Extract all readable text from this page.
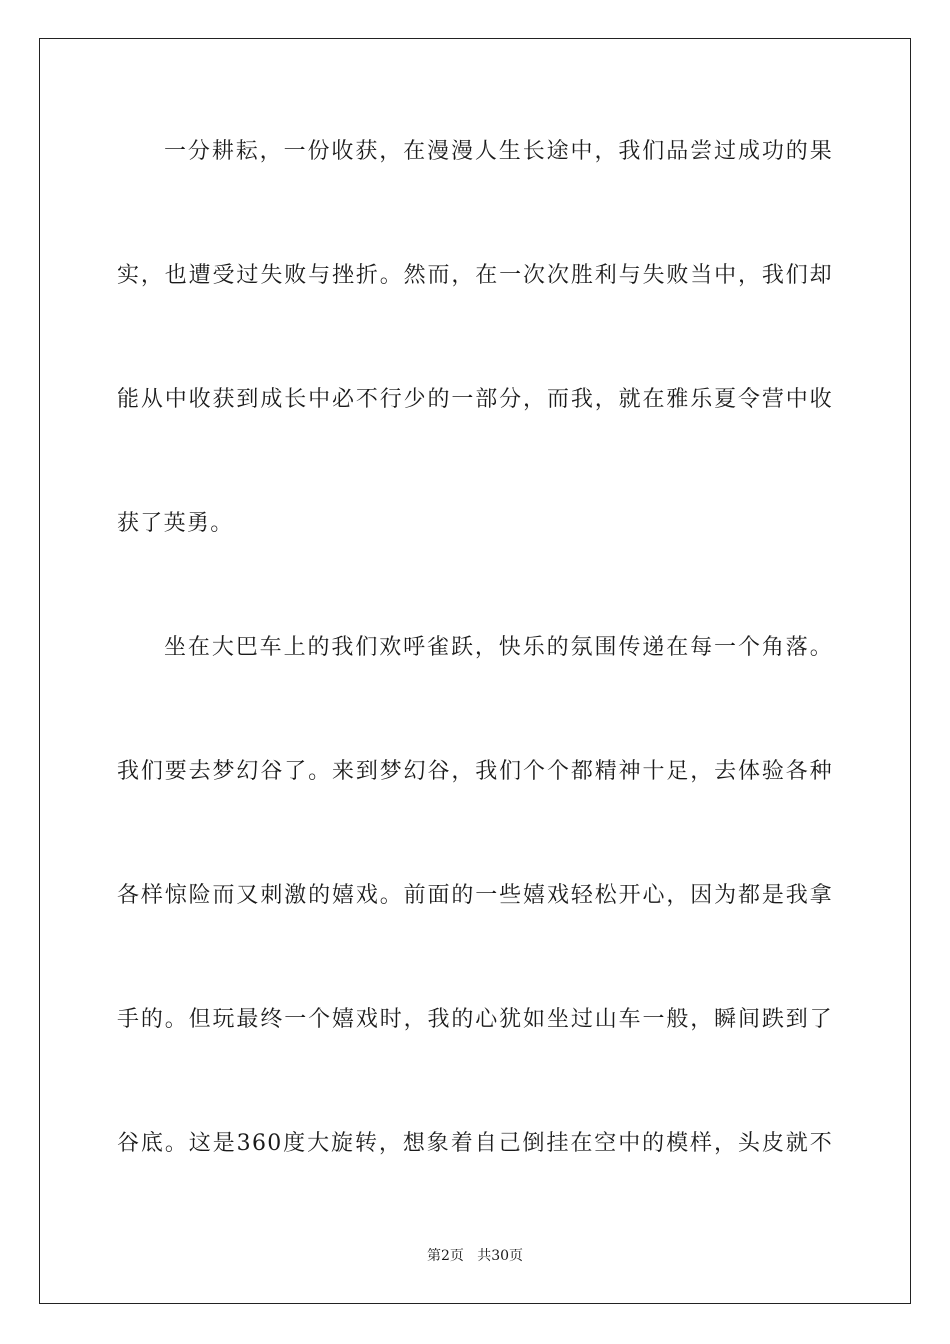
一分耕耘，一份收获，在漫漫人生长途中，我们品尝过成功的果
实，也遭受过失败与挫折。然而，在一次次胜利与失败当中，我们却
能从中收获到成长中必不行少的一部分，而我，就在雅乐夏令营中收
获了英勇。
坐在大巴车上的我们欢呼雀跃，快乐的氛围传递在每一个角落。
我们要去梦幻谷了。来到梦幻谷，我们个个都精神十足，去体验各种
各样惊险而又刺激的嬉戏。前面的一些嬉戏轻松开心，因为都是我拿
手的。但玩最终一个嬉戏时，我的心犹如坐过山车一般，瞬间跌到了
谷底。这是360度大旋转，想象着自己倒挂在空中的模样，头皮就不
第2页   共30页
